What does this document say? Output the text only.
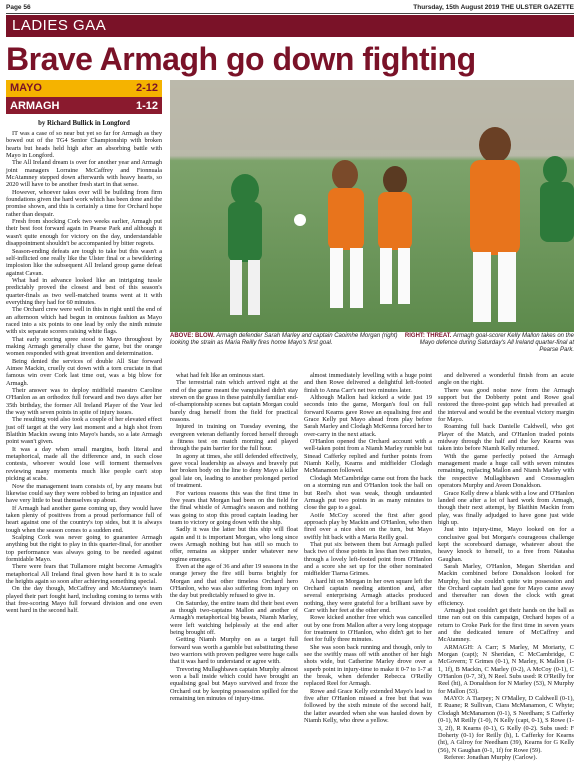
Page 56	Thursday, 15th August 2019 THE ULSTER GAZETTE
LADIES GAA
Brave Armagh go down fighting
MAYO	2-12
ARMAGH	1-12
by Richard Bullick in Longford

IT was a case of so near but yet so far for Armagh as they bowed out of the TG4 Senior Championship with broken hearts but heads held high after an absorbing battle with Mayo in Longford.

The All Ireland dream is over for another year and Armagh joint managers Lorraine McCaffrey and Fionnuala McAtamney stepped down afterwards with heavy hearts, so 2020 will have to be another fresh start in that sense.

However, whoever takes over will be building from firm foundations given the hard work which has been done and the promise shown, and this is certainly a time for Orchard hope rather than despair.

Fresh from shocking Cork two weeks earlier, Armagh put their best foot forward again in Pearse Park and although it wasn't quite enough for victory on the day, understandable disappointment shouldn't be accompanied by bitter regrets.

Season-ending defeats are tough to take but this wasn't a self-inflicted one really like the Ulster final or a bewildering implosion like the subsequent All Ireland group game defeat against Cavan.

What had in advance looked like an intriguing tussle predictably proved the closest and best of this season's quarter-finals as two well-matched teams went at it with everything they had for 60 minutes.

The Orchard crew were well in this in right until the end of an afternoon which had begun in ominous fashion as Mayo raced into a six points to one lead by only the ninth minute with six separate scorers raising white flags.

That early scoring spree stood to Mayo throughout by making Armagh generally chase the game, but the orange women responded with great invention and determination.

Being denied the services of double All Star forward Aimee Mackin, cruelly cut down with a torn cruciate in that famous win over Cork last time out, was a big blow for Armagh.

Their answer was to deploy midfield maestro Caroline O'Hanlon as an orthodox full forward and two days after her 35th birthday, the former All Ireland Player of the Year led the way with seven points in spite of injury issues.

The resulting void also took a couple of her elevated effect just off target at the very last moment and a high shot from Blaithin Mackin swung into Mayo's hands, so a late Armagh point wasn't given.

It was a day when small margins, both literal and metaphorical, made all the difference and, in such close contests, whoever would lose will torment themselves reviewing many moments much like people can't stop picking at scabs.

Now the management team consists of, by any means but likewise could say they were robbed to bring an injustice and have very little to beat themselves up about.

If Armagh had another game coming up, they would have taken plenty of positives from a proud performance full of heart against one of the country's top sides, but it is always tough when the season comes to a sudden end.

Scalping Cork was never going to guarantee Armagh anything but the right to play in this quarter-final, for another top performance was always going to be needed against formidable Mayo.

There were fears that Tullamore might become Armagh's metaphorical All Ireland final given how hard it is to scale the heights again so soon after achieving something special.

On the day though, McCaffrey and McAtamney's team played their part fought hard, including coming to terms with that free-scoring Mayo full forward division and one even went hard in the second half.

ABOVE: BLOW. Armagh defender Sarah Marley and captain Caoimhe Morgan (right) looking the strain as Maria Reilly fires home Mayo's first goal.
RIGHT: THREAT. Armagh goal-scorer Kelly Mallon takes on the Mayo defence during Saturday's All Ireland quarter-final at Pearse Park.

what had felt like an ominous start.

The terrestrial rain which arrived right at the end of the game meant the vanquished didn't stay strewn on the grass in these painfully familiar end-of-championship scenes but captain Morgan could barely drag herself from the field for practical reasons.

Injured in training on Tuesday evening, the evergreen veteran defiantly forced herself through a fitness test on match morning and played through the pain barrier for the full hour.

In agony at times, she still defended effectively, gave vocal leadership as always and bravely put her broken body on the line to deny Mayo a killer goal late on, leading to another prolonged period of treatment.

For various reasons this was the first time in five years that Morgan had been on the field for the final whistle of Armagh's season and nothing was going to stop this proud captain leading her team to victory or going down with the ship.

Sadly it was the latter but this ship will float again and it is important Morgan, who long since owes Armagh nothing but has still so much to offer, remains as skipper under whatever new regime emerges.

Even at the age of 36 and after 19 seasons in the orange jersey the fire still burns brightly for Morgan and that other timeless Orchard hero O'Hanlon, who was also suffering from injury on the day but predictably refused to give in.

On Saturday, the entire team did their best even as though two-captains Mallon and another of Armagh's metaphorical big beasts, Niamh Marley, were left watching helplessly at the end after being brought off.

Getting Niamh Murphy on as a target full forward was worth a gamble but substituting these two warriors with proven pedigree were huge calls that it was hard to understand or agree with.

Trevoring Mullaghbawn captain Murphy almost won a ball inside which could have brought an equalising goal but Mayo survived and froze the Orchard out by keeping possession spilled for the remaining ten minutes of injury-time.

almost immediately levelling with a huge point and then Rowe delivered a delightful left-footed finish to Anna Carr's net two minutes later.

Although Mallon had kicked a wide just 19 seconds into the game, Morgan's foul on full forward Kearns gave Rowe an equalising free and Grace Kelly put Mayo ahead from play before Sarah Marley and Clodagh McKenna forced her to over-carry in the next attack.

O'Hanlon opened the Orchard account with a well-taken point from a Niamh Marley rumble but Sinead Cafferky replied and further points from Niamh Kelly, Kearns and midfielder Clodagh McManamon followed.

Clodagh McCambridge came out from the back on a storming run and O'Hanlon took the ball on but Reel's shot was weak, though undaunted Armagh put two points in as many minutes to close the gap to a goal.

Aoife McCoy scored the first after good approach play by Mackin and O'Hanlon, who then fired over a nice shot on the turn, but Mayo swiftly hit back with a Maria Reilly goal.

That put six between them but Armagh pulled back two of those points in less than two minutes, through a lovely left-footed point from O'Hanlon and a score she set up for the other nominated midfielder Tiarna Grimes.

A hard hit on Morgan in her own square left the Orchard captain needing attention and, after several enterprising Armagh attacks produced nothing, they were grateful for a brilliant save by Carr with her feet at the other end.

Rowe kicked another free which was cancelled out by one from Mallon after a very long stoppage for treatment to O'Hanlon, who didn't get to her feet for fully three minutes.

She was soon back running and though, only to see the swiftly mass off with another of her high shots wide, but Catherine Marley drove over a superb point in injury-time to make it 0-7 to 1-7 at the break, when defender Rebecca O'Reilly replaced Reel for Armagh.

Rowe and Grace Kelly extended Mayo's lead to five after O'Hanlon missed a free but that was followed by the sixth minute of the second half, the latter awarded when she was hauled down by Niamh Kelly, who drew a yellow.

and delivered a wonderful finish from an acute angle on the right.

There was good noise now from the Armagh support but the Dobberty point and Rowe goal restored the three-point gap which had prevailed at the interval and would be the eventual victory margin for Mayo.

Roaming full back Danielle Caldwell, who got Player of the Match, and O'Hanlon traded points midway through the half and the key Kearns was taken into before Niamh Kelly returned.

With the game perfectly poised the Armagh management made a huge call with seven minutes remaining, replacing Mallon and Niamh Marley with the respective Mullaghbawn and Crossmaglen operators Murphy and Aveen Donaldson.

Grace Kelly drew a blank with a low and O'Hanlon landed one after a lot of hard work from Armagh, though their next attempt, by Blaithin Mackin from play, was finally adjudged to have gone just wide high up.

Just into injury-time, Mayo looked on for a conclusive goal but Morgan's courageous challenge kept the scoreboard damage, whatever about the heavy knock to herself, to a free from Natasha Gaughan.

Sarah Marley, O'Hanlon, Megan Sheridan and Mackin combined before Donaldson looked for Murphy, but she couldn't quite win possession and the Orchard captain had gone for Mayo came away and thereafter ran down the clock with great efficiency.

Armagh just couldn't get their hands on the ball as time ran out on this campaign, Orchard hopes of a return to Croke Park for the first time in seven years and the dedicated tenure of McCaffrey and McAtamney.

ARMAGH: A Carr; S Marley, M Moriarty, C Morgan (capt); N Sheridan, C McCambridge, C McGovern; T Grimes (0-1), N Marley, K Mallon (1-1, 1f), B Mackin, C Marley (0-2), A McCoy (0-1), C O'Hanlon (0-7, 3f), N Reel. Subs used: R O'Reilly for Reel (ht), A Donaldson for N Marley (53), N Murphy for Mallon (53).

MAYO: A Tiarpey; N O'Malley, D Caldwell (0-1), E Ruane; R Sullivan, Ciara McManamon, C Whyte; Clodagh McManamon (0-1), S Needham; S Cafferky (0-1), M Reilly (1-0), N Kelly (capt, 0-1), S Rowe (1-3, 2f), R Kearns (0-1), G Kelly (0-2). Subs used: F Doherty (0-1) for Reilly (h), L Cafferky for Kearns (ht), A Gilroy for Needham (39), Kearns for G Kelly (56), N Gaughan (0-1, 1f) for Rowe (59).

Referee: Jonathan Murphy (Carlow).
